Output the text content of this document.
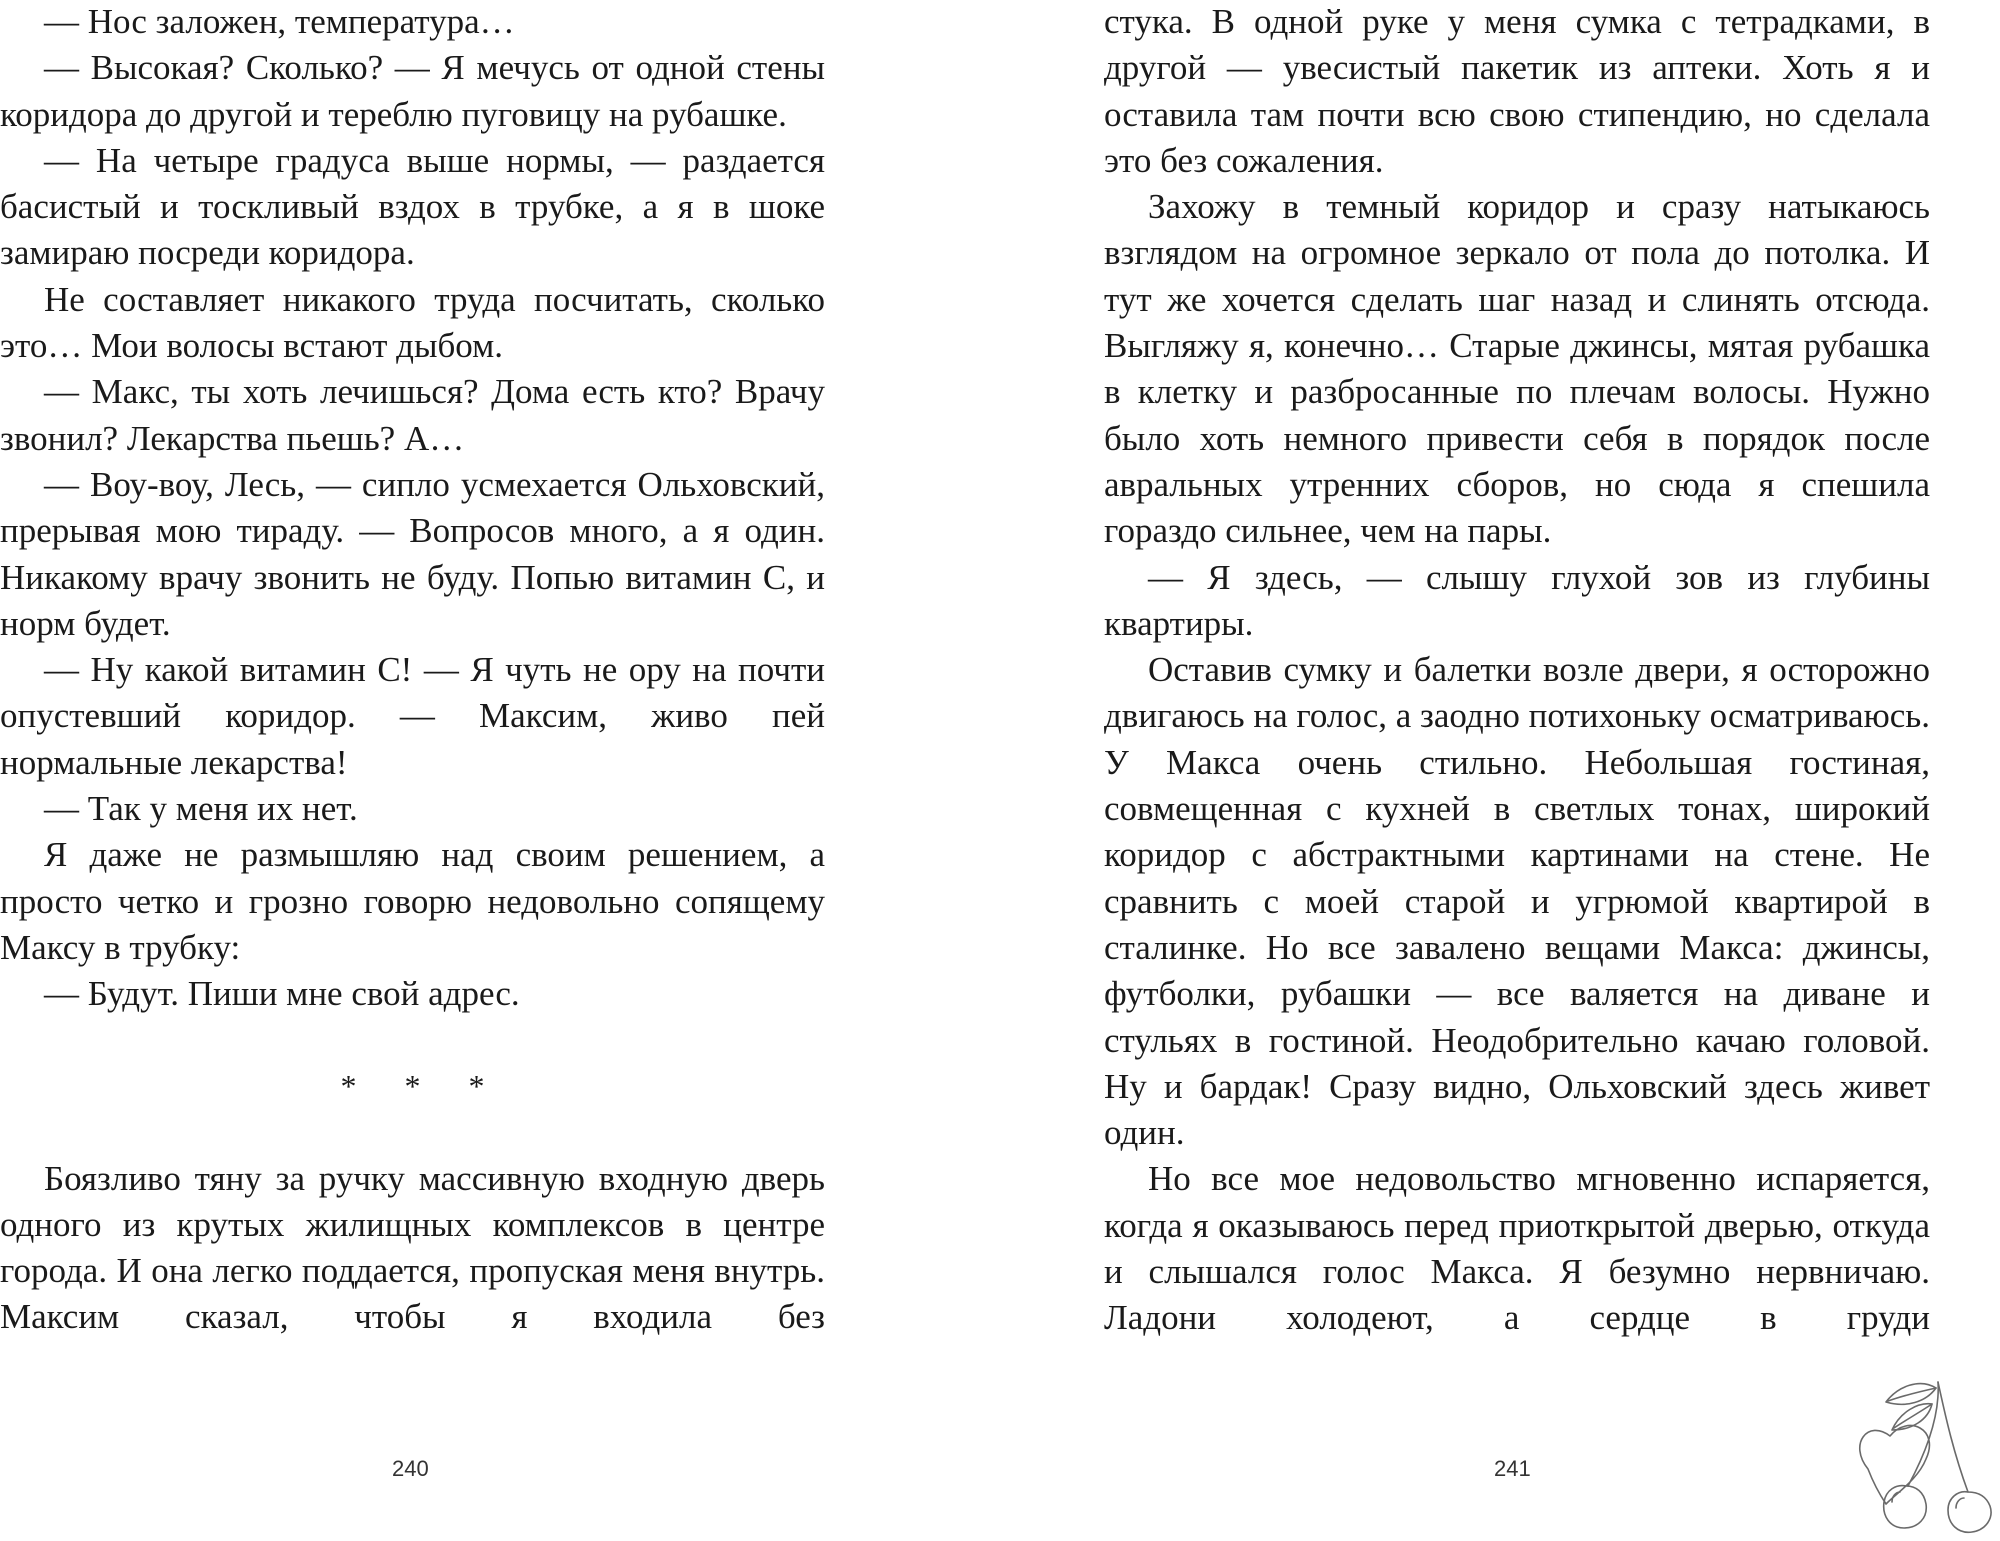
— Нос заложен, температура…

— Высокая? Сколько? — Я мечусь от одной стены коридора до другой и тереблю пуговицу на рубашке.

— На четыре градуса выше нормы, — раздается басистый и тоскливый вздох в трубке, а я в шоке замираю посреди коридора.

Не составляет никакого труда посчитать, сколько это… Мои волосы встают дыбом.

— Макс, ты хоть лечишься? Дома есть кто? Врачу звонил? Лекарства пьешь? А…

— Воу-воу, Лесь, — сипло усмехается Ольховский, прерывая мою тираду. — Вопросов много, а я один. Никакому врачу звонить не буду. Попью витамин С, и норм будет.

— Ну какой витамин С! — Я чуть не ору на почти опустевший коридор. — Максим, живо пей нормальные лекарства!

— Так у меня их нет.

Я даже не размышляю над своим решением, а просто четко и грозно говорю недовольно сопящему Максу в трубку:

— Будут. Пиши мне свой адрес.

* * *

Боязливо тяну за ручку массивную входную дверь одного из крутых жилищных комплексов в центре города. И она легко поддается, пропуская меня внутрь. Максим сказал, чтобы я входила без

240

стука. В одной руке у меня сумка с тетрадками, в другой — увесистый пакетик из аптеки. Хоть я и оставила там почти всю свою стипендию, но сделала это без сожаления.

Захожу в темный коридор и сразу натыкаюсь взглядом на огромное зеркало от пола до потолка. И тут же хочется сделать шаг назад и слинять отсюда. Выгляжу я, конечно… Старые джинсы, мятая рубашка в клетку и разбросанные по плечам волосы. Нужно было хоть немного привести себя в порядок после авральных утренних сборов, но сюда я спешила гораздо сильнее, чем на пары.

— Я здесь, — слышу глухой зов из глубины квартиры.

Оставив сумку и балетки возле двери, я осторожно двигаюсь на голос, а заодно потихоньку осматриваюсь. У Макса очень стильно. Небольшая гостиная, совмещенная с кухней в светлых тонах, широкий коридор с абстрактными картинами на стене. Не сравнить с моей старой и угрюмой квартирой в сталинке. Но все завалено вещами Макса: джинсы, футболки, рубашки — все валяется на диване и стульях в гостиной. Неодобрительно качаю головой. Ну и бардак! Сразу видно, Ольховский здесь живет один.

Но все мое недовольство мгновенно испаряется, когда я оказываюсь перед приоткрытой дверью, откуда и слышался голос Макса. Я безумно нервничаю. Ладони холодеют, а сердце в груди

241
